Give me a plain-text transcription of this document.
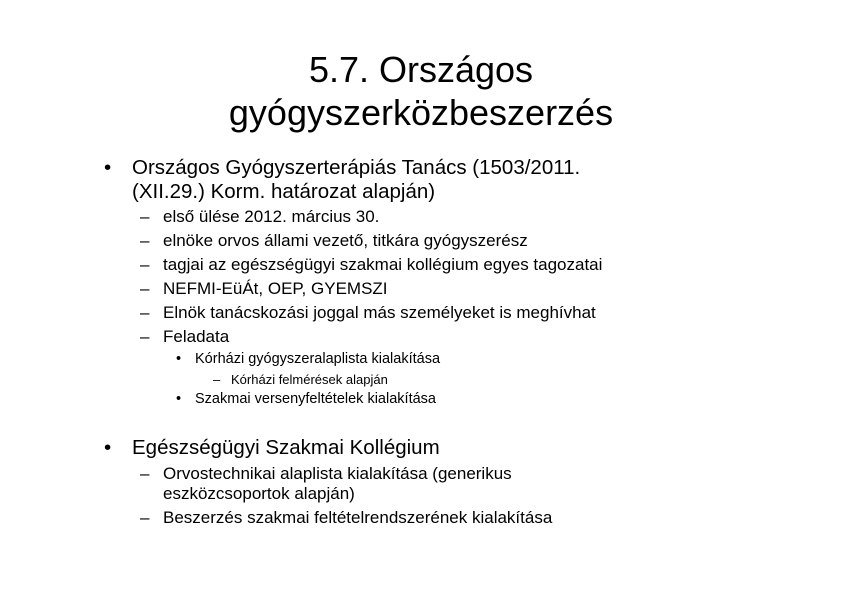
5.7. Országos
gyógyszerközbeszerzés
• Országos Gyógyszerterápiás Tanács (1503/2011.
(XII.29.) Korm. határozat alapján)
– első ülése 2012. március 30.
– elnöke orvos állami vezető, titkára gyógyszerész
– tagjai az egészségügyi szakmai kollégium egyes tagozatai
– NEFMI-EüÁt, OEP, GYEMSZI
– Elnök tanácskozási joggal más személyeket is meghívhat
– Feladata
• Kórházi gyógyszeralaplista kialakítása
– Kórházi felmérések alapján
• Szakmai versenyfeltételek kialakítása
• Egészségügyi Szakmai Kollégium
– Orvostechnikai alaplista kialakítása (generikus
eszközcsoportok alapján)
– Beszerzés szakmai feltételrendszerének kialakítása
